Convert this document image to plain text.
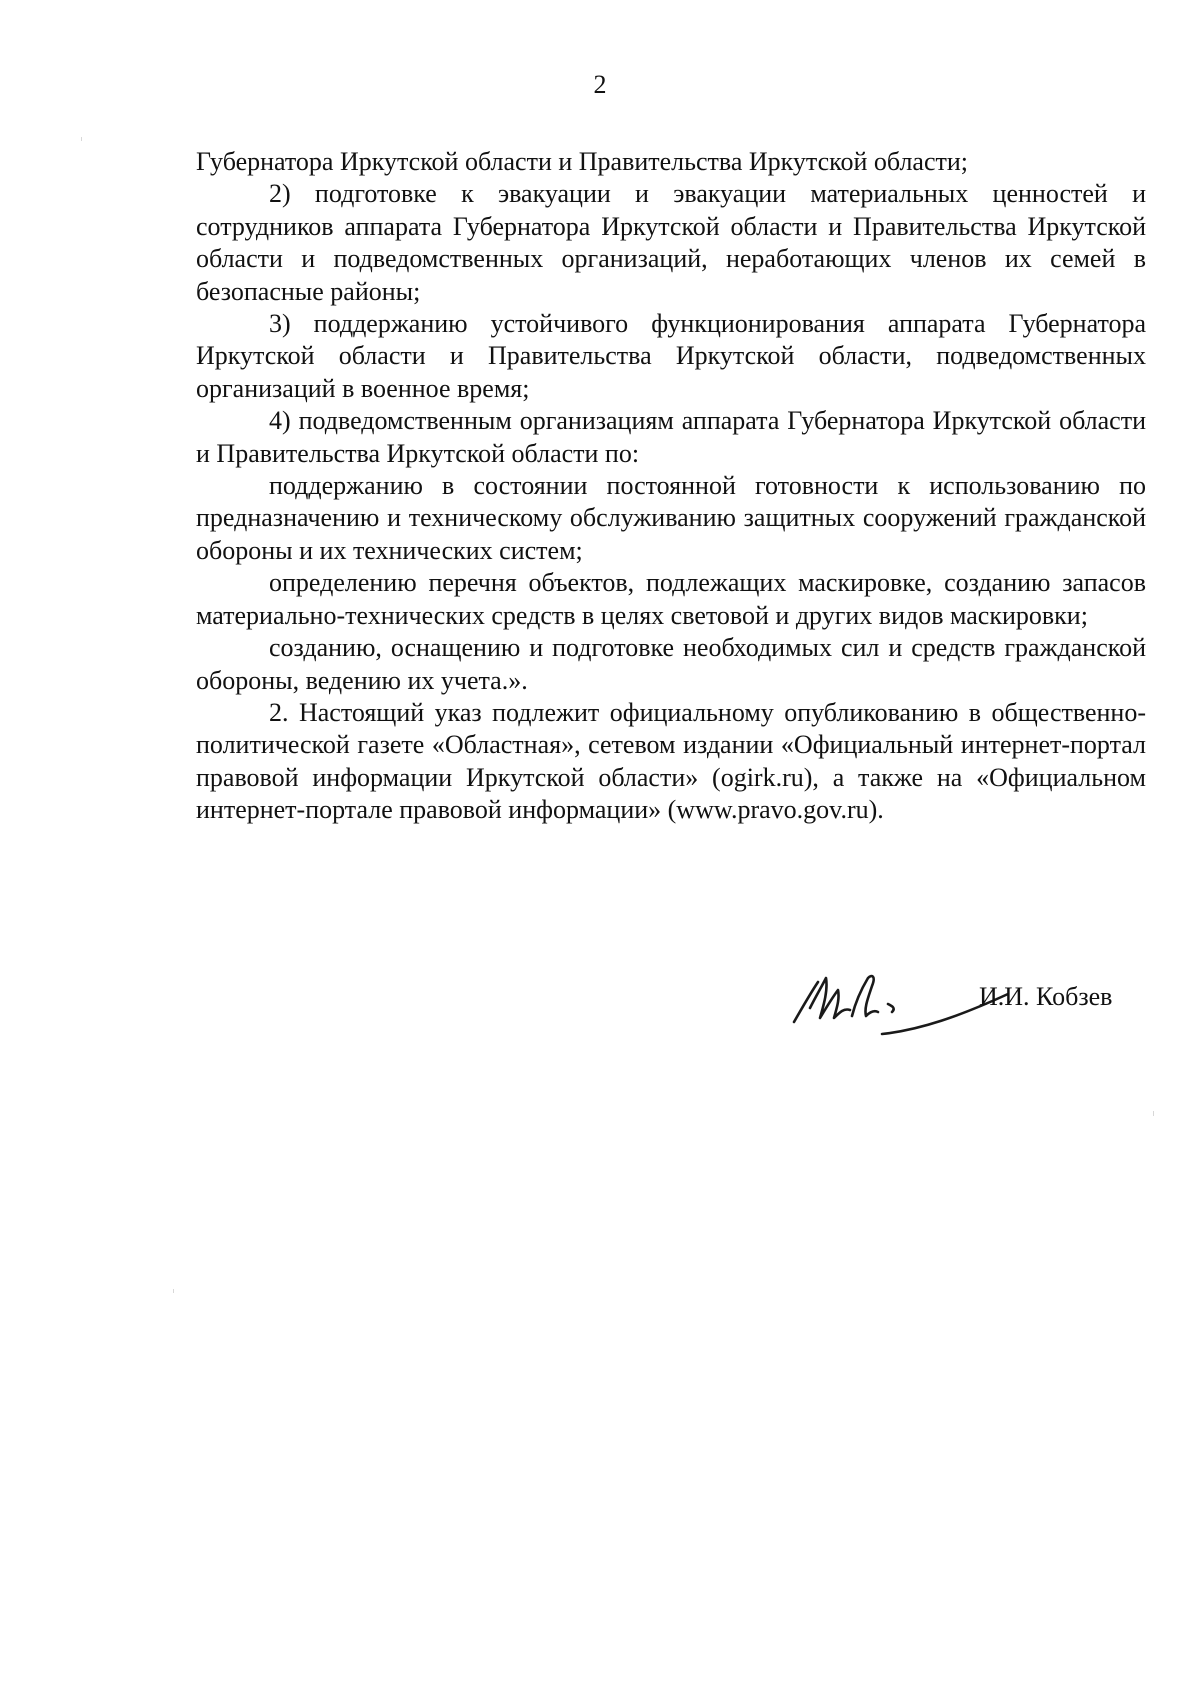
2

Губернатора Иркутской области и Правительства Иркутской области;

2) подготовке к эвакуации и эвакуации материальных ценностей и сотрудников аппарата Губернатора Иркутской области и Правительства Иркутской области и подведомственных организаций, неработающих членов их семей в безопасные районы;

3) поддержанию устойчивого функционирования аппарата Губернатора Иркутской области и Правительства Иркутской области, подведомственных организаций в военное время;

4) подведомственным организациям аппарата Губернатора Иркутской области и Правительства Иркутской области по:

поддержанию в состоянии постоянной готовности к использованию по предназначению и техническому обслуживанию защитных сооружений гражданской обороны и их технических систем;

определению перечня объектов, подлежащих маскировке, созданию запасов материально-технических средств в целях световой и других видов маскировки;

созданию, оснащению и подготовке необходимых сил и средств гражданской обороны, ведению их учета.».

2. Настоящий указ подлежит официальному опубликованию в общественно-политической газете «Областная», сетевом издании «Официальный интернет-портал правовой информации Иркутской области» (ogirk.ru), а также на «Официальном интернет-портале правовой информации» (www.pravo.gov.ru).

И.И. Кобзев
